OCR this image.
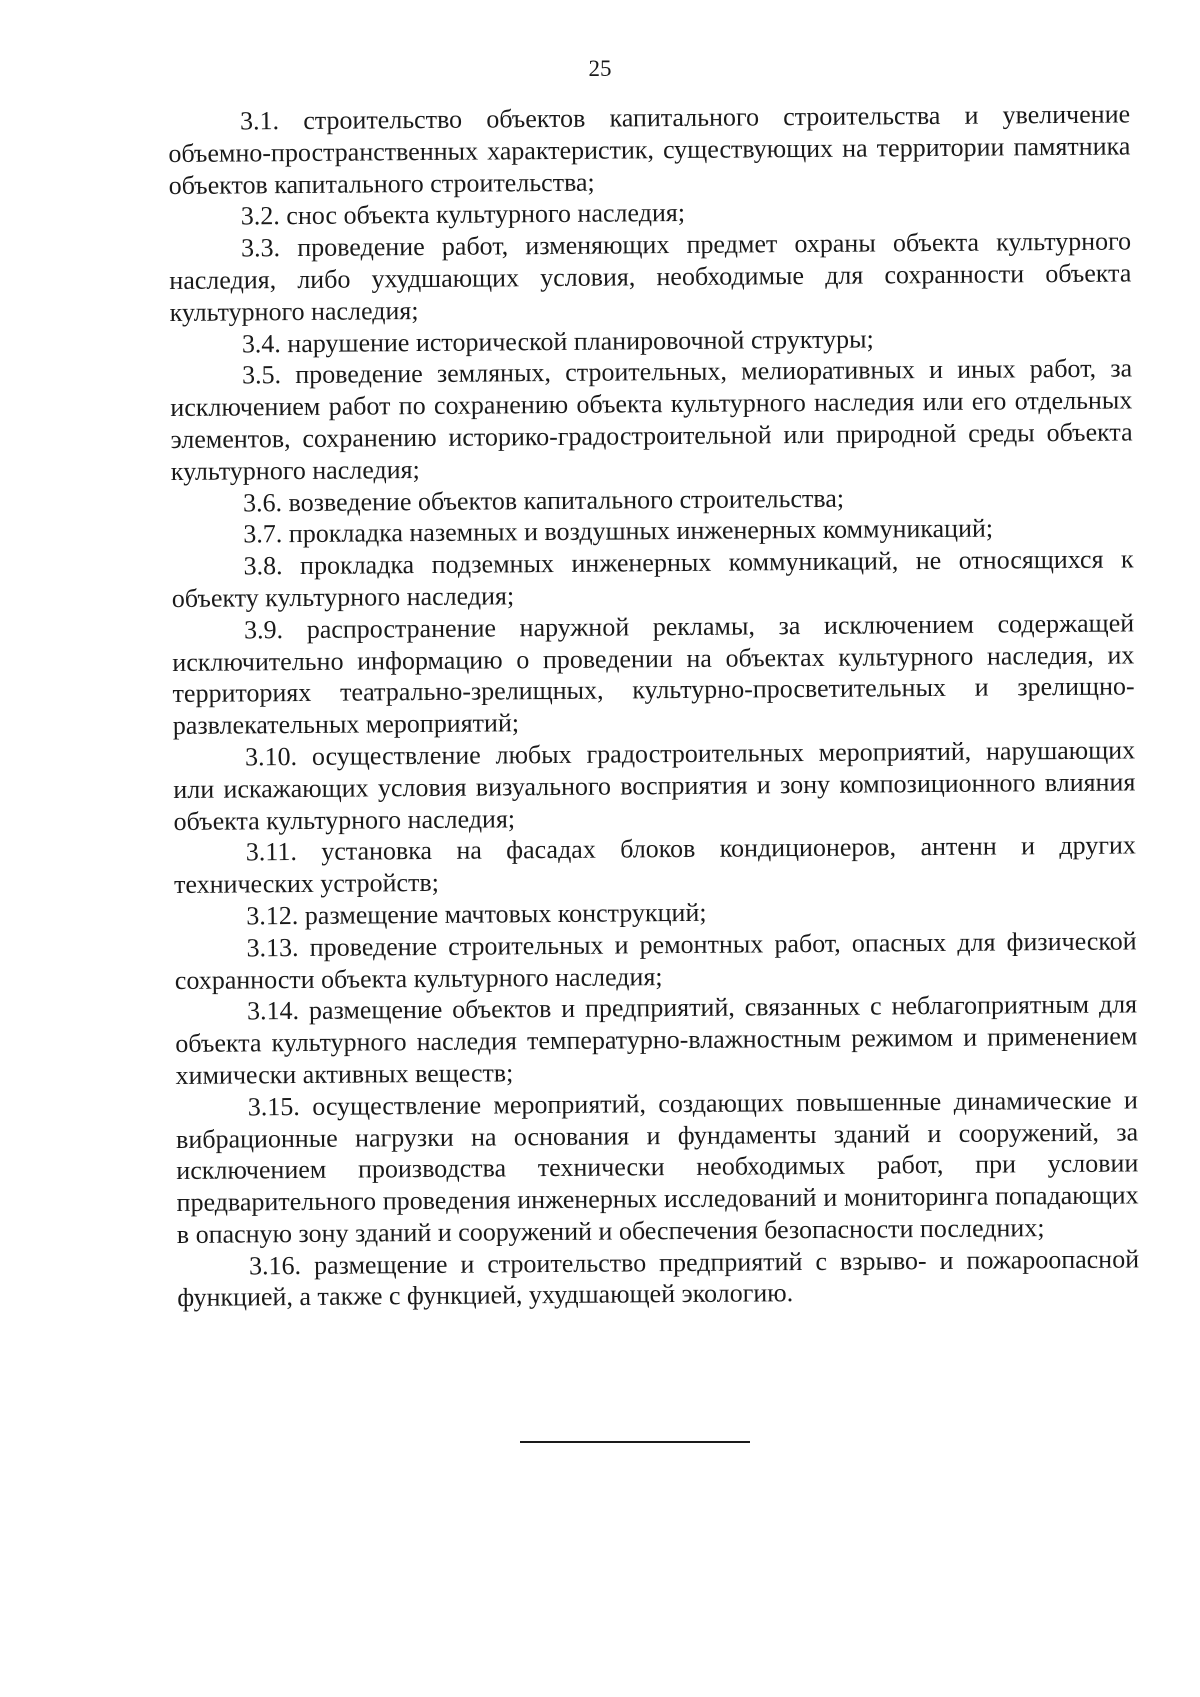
25

3.1. строительство объектов капитального строительства и увеличение объемно-пространственных характеристик, существующих на территории памятника объектов капитального строительства;

3.2. снос объекта культурного наследия;

3.3. проведение работ, изменяющих предмет охраны объекта культурного наследия, либо ухудшающих условия, необходимые для сохранности объекта культурного наследия;

3.4. нарушение исторической планировочной структуры;

3.5. проведение земляных, строительных, мелиоративных и иных работ, за исключением работ по сохранению объекта культурного наследия или его отдельных элементов, сохранению историко-градостроительной или природной среды объекта культурного наследия;

3.6. возведение объектов капитального строительства;

3.7. прокладка наземных и воздушных инженерных коммуникаций;

3.8. прокладка подземных инженерных коммуникаций, не относящихся к объекту культурного наследия;

3.9. распространение наружной рекламы, за исключением содержащей исключительно информацию о проведении на объектах культурного наследия, их территориях театрально-зрелищных, культурно-просветительных и зрелищно-развлекательных мероприятий;

3.10. осуществление любых градостроительных мероприятий, нарушающих или искажающих условия визуального восприятия и зону композиционного влияния объекта культурного наследия;

3.11. установка на фасадах блоков кондиционеров, антенн и других технических устройств;

3.12. размещение мачтовых конструкций;

3.13. проведение строительных и ремонтных работ, опасных для физической сохранности объекта культурного наследия;

3.14. размещение объектов и предприятий, связанных с неблагоприятным для объекта культурного наследия температурно-влажностным режимом и применением химически активных веществ;

3.15. осуществление мероприятий, создающих повышенные динамические и вибрационные нагрузки на основания и фундаменты зданий и сооружений, за исключением производства технически необходимых работ, при условии предварительного проведения инженерных исследований и мониторинга попадающих в опасную зону зданий и сооружений и обеспечения безопасности последних;

3.16. размещение и строительство предприятий с взрыво- и пожароопасной функцией, а также с функцией, ухудшающей экологию.
